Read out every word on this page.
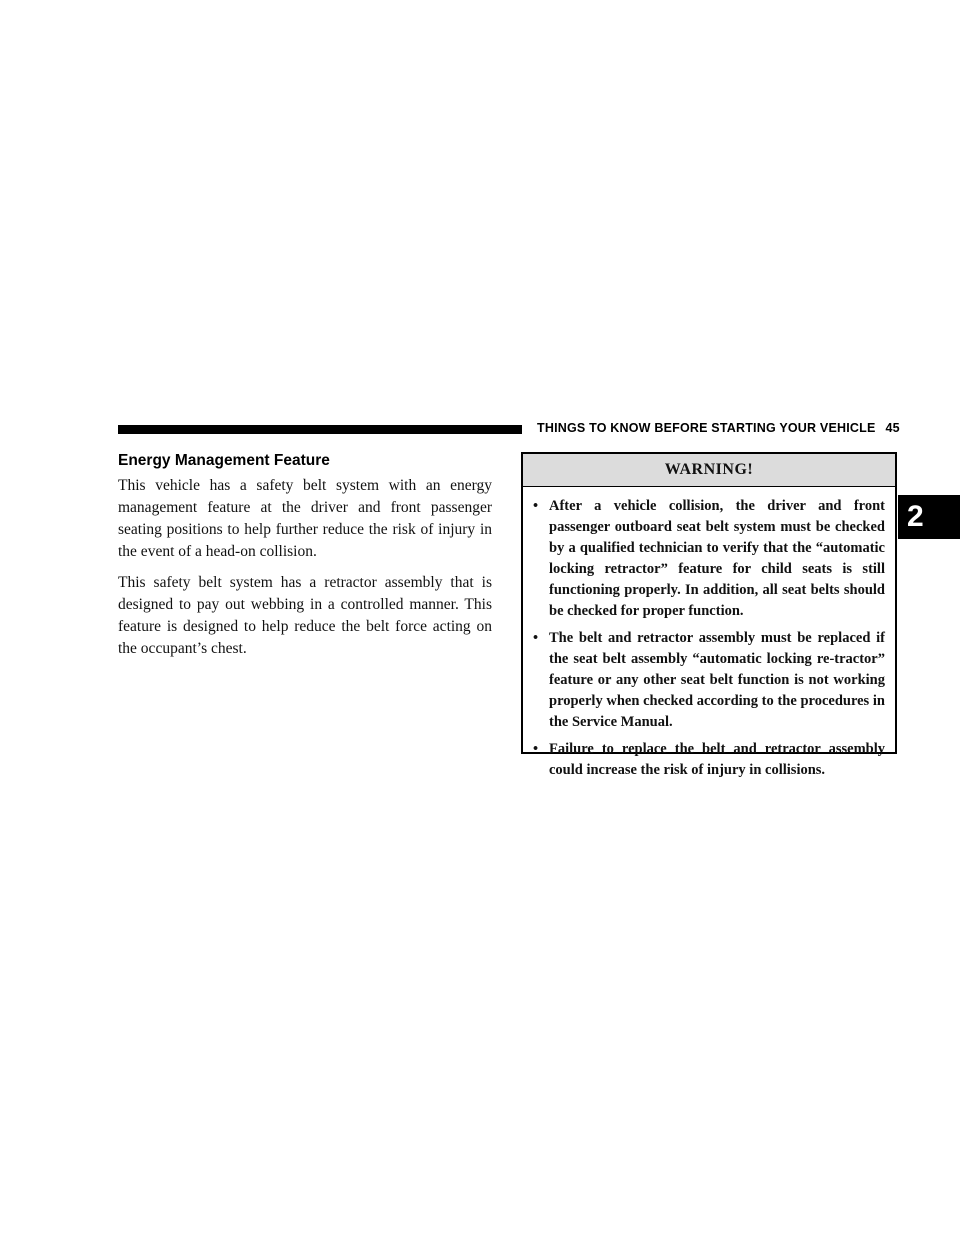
THINGS TO KNOW BEFORE STARTING YOUR VEHICLE 45
2
Energy Management Feature

This vehicle has a safety belt system with an energy management feature at the driver and front passenger seating positions to help further reduce the risk of injury in the event of a head-on collision.

This safety belt system has a retractor assembly that is designed to pay out webbing in a controlled manner. This feature is designed to help reduce the belt force acting on the occupant’s chest.

WARNING!
• After a vehicle collision, the driver and front passenger outboard seat belt system must be checked by a qualified technician to verify that the “automatic locking retractor” feature for child seats is still functioning properly. In addition, all seat belts should be checked for proper function.
• The belt and retractor assembly must be replaced if the seat belt assembly “automatic locking re-tractor” feature or any other seat belt function is not working properly when checked according to the procedures in the Service Manual.
• Failure to replace the belt and retractor assembly could increase the risk of injury in collisions.
